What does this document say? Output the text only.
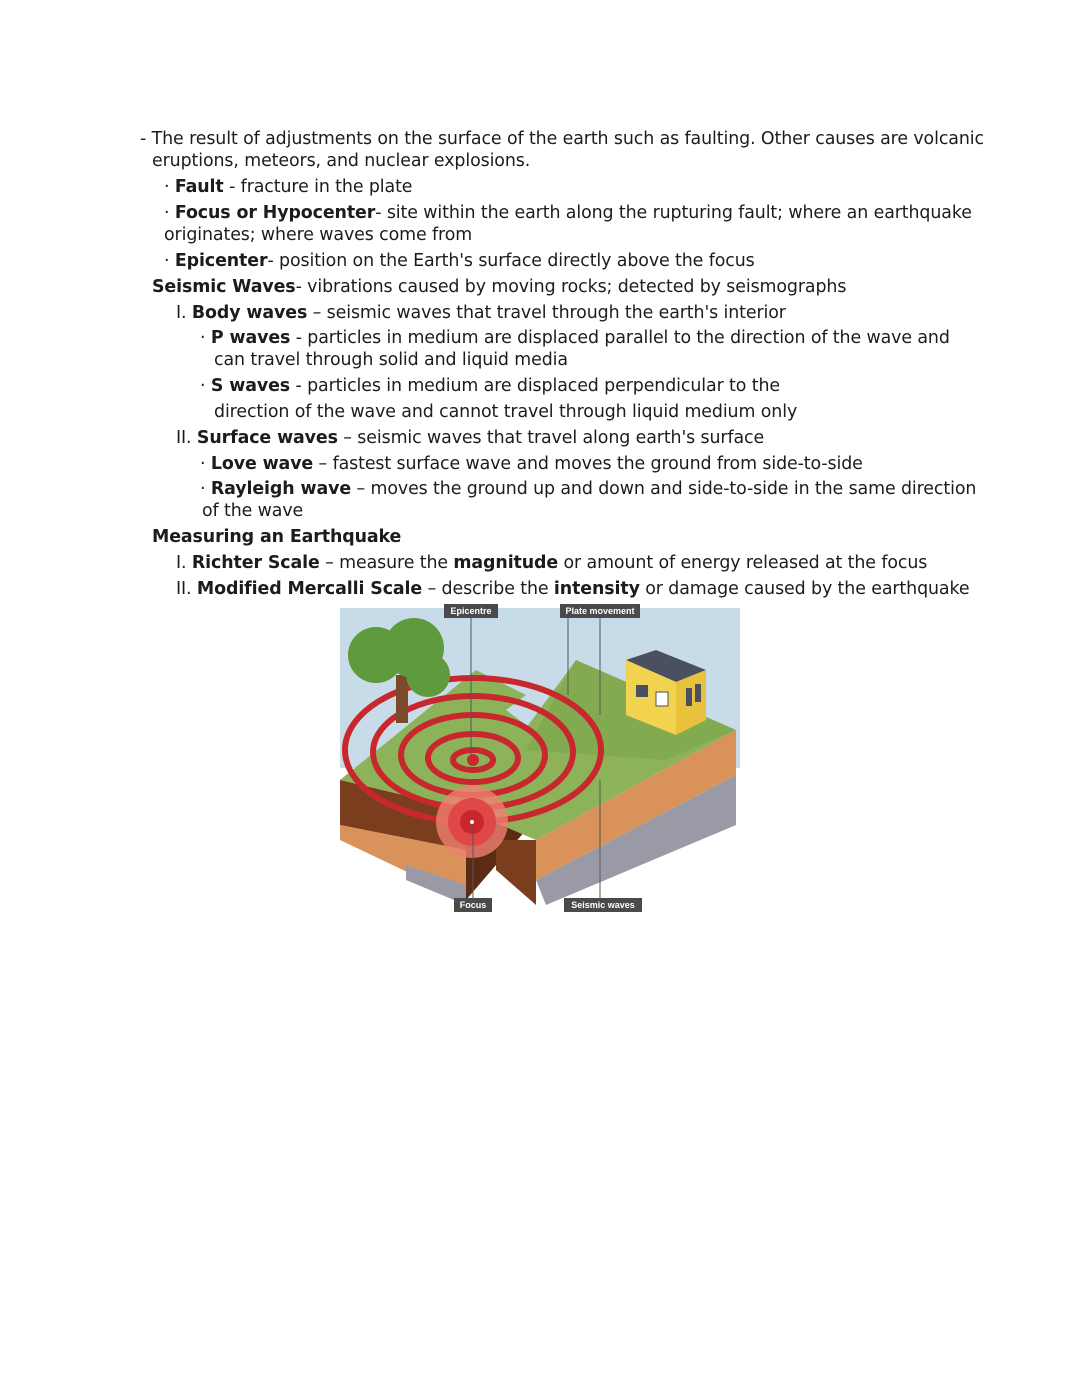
- The result of adjustments on the surface of the earth such as faulting. Other causes are volcanic
eruptions, meteors, and nuclear explosions.
· Fault - fracture in the plate
· Focus or Hypocenter- site within the earth along the rupturing fault; where an earthquake
originates; where waves come from
· Epicenter- position on the Earth's surface directly above the focus
Seismic Waves- vibrations caused by moving rocks; detected by seismographs
I. Body waves – seismic waves that travel through the earth's interior
· P waves - particles in medium are displaced parallel to the direction of the wave and
can travel through solid and liquid media
· S waves - particles in medium are displaced perpendicular to the
direction of the wave and cannot travel through liquid medium only
II. Surface waves – seismic waves that travel along earth's surface
· Love wave – fastest surface wave and moves the ground from side-to-side
· Rayleigh wave – moves the ground up and down and side-to-side in the same direction
of the wave
Measuring an Earthquake
I. Richter Scale – measure the magnitude or amount of energy released at the focus
II. Modified Mercalli Scale – describe the intensity or damage caused by the earthquake
Epicentre	Plate movement
Focus	Seismic waves
